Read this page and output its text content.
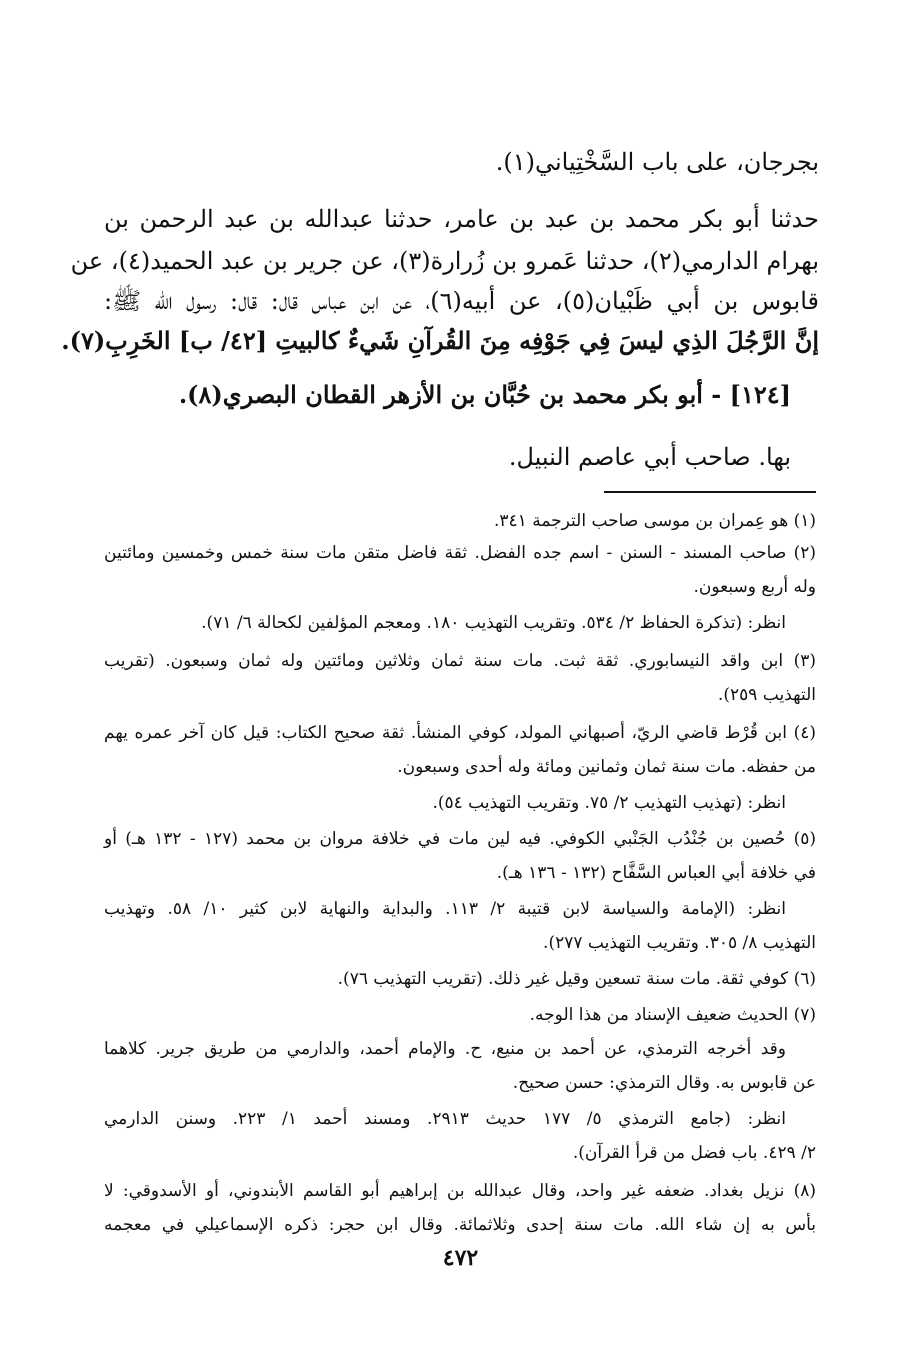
بجرجان، على باب السَّخْتِياني(١).
حدثنا أبو بكر محمد بن عبد بن عامر، حدثنا عبدالله بن عبد الرحمن بن
بهرام الدارمي(٢)، حدثنا عَمرو بن زُرارة(٣)، عن جرير بن عبد الحميد(٤)، عن
قابوس بن أبي ظَبْيان(٥)، عن أبيه(٦)، عن ابن عباس قال: قال: رسول الله ﷺ:
إنَّ الرَّجُلَ الذِي ليسَ فِي جَوْفِه مِنَ القُرآنِ شَيءٌ كالبيتِ [٤٢/ ب] الخَرِبِ(٧).
[١٢٤] - أبو بكر محمد بن حُبَّان بن الأزهر القطان البصري(٨).
بها. صاحب أبي عاصم النبيل.
(١) هو عِمران بن موسى صاحب الترجمة ٣٤١.
(٢) صاحب المسند - السنن - اسم جده الفضل. ثقة فاضل متقن مات سنة خمس وخمسين ومائتين
وله أربع وسبعون.
انظر: (تذكرة الحفاظ ٢/ ٥٣٤. وتقريب التهذيب ١٨٠. ومعجم المؤلفين لكحالة ٦/ ٧١).
(٣) ابن واقد النيسابوري. ثقة ثبت. مات سنة ثمان وثلاثين ومائتين وله ثمان وسبعون. (تقريب
التهذيب ٢٥٩).
(٤) ابن قُرْط قاضي الريّ، أصبهاني المولد، كوفي المنشأ. ثقة صحيح الكتاب: قيل كان آخر عمره يهم
من حفظه. مات سنة ثمان وثمانين ومائة وله أحدى وسبعون.
انظر: (تهذيب التهذيب ٢/ ٧٥. وتقريب التهذيب ٥٤).
(٥) حُصين بن جُنْدُب الجَنْبي الكوفي. فيه لين مات في خلافة مروان بن محمد (١٢٧ - ١٣٢ هـ) أو
في خلافة أبي العباس السَّفَّاح (١٣٢ - ١٣٦ هـ).
انظر: (الإمامة والسياسة لابن قتيبة ٢/ ١١٣. والبداية والنهاية لابن كثير ١٠/ ٥٨. وتهذيب
التهذيب ٨/ ٣٠٥. وتقريب التهذيب ٢٧٧).
(٦) كوفي ثقة. مات سنة تسعين وقيل غير ذلك. (تقريب التهذيب ٧٦).
(٧) الحديث ضعيف الإسناد من هذا الوجه.
وقد أخرجه الترمذي، عن أحمد بن منيع، ح. والإمام أحمد، والدارمي من طريق جرير. كلاهما
عن قابوس به. وقال الترمذي: حسن صحيح.
انظر: (جامع الترمذي ٥/ ١٧٧ حديث ٢٩١٣. ومسند أحمد ١/ ٢٢٣. وسنن الدارمي
٢/ ٤٢٩. باب فضل من قرأ القرآن).
(٨) نزيل بغداد. ضعفه غير واحد، وقال عبدالله بن إبراهيم أبو القاسم الأبندوني، أو الأسدوقي: لا
بأس به إن شاء الله. مات سنة إحدى وثلاثمائة. وقال ابن حجر: ذكره الإسماعيلي في معجمه
٤٧٢
